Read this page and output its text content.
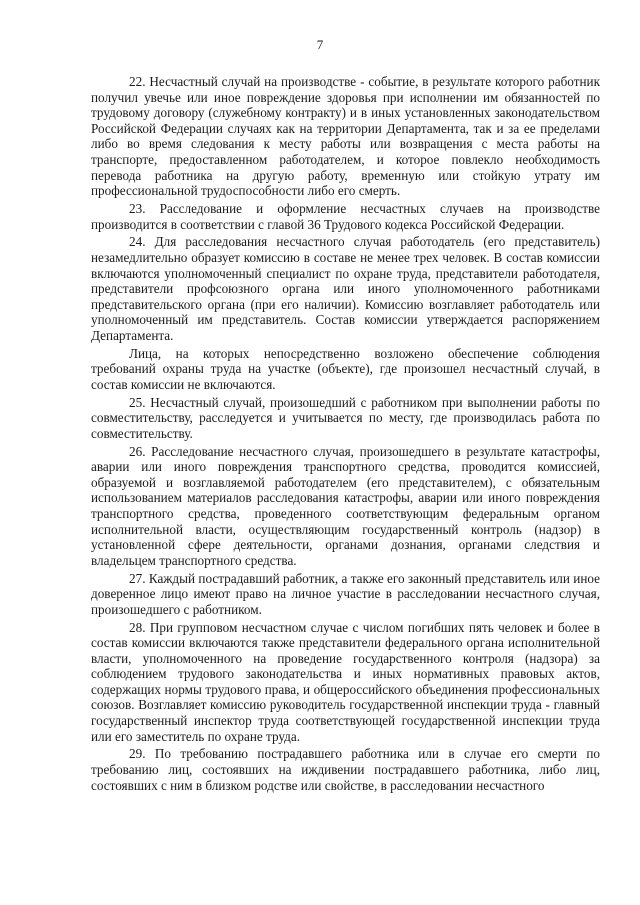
7

22. Несчастный случай на производстве - событие, в результате которого работник получил увечье или иное повреждение здоровья при исполнении им обязанностей по трудовому договору (служебному контракту) и в иных установленных законодательством Российской Федерации случаях как на территории Департамента, так и за ее пределами либо во время следования к месту работы или возвращения с места работы на транспорте, предоставленном работодателем, и которое повлекло необходимость перевода работника на другую работу, временную или стойкую утрату им профессиональной трудоспособности либо его смерть.

23. Расследование и оформление несчастных случаев на производстве производится в соответствии с главой 36 Трудового кодекса Российской Федерации.

24. Для расследования несчастного случая работодатель (его представитель) незамедлительно образует комиссию в составе не менее трех человек. В состав комиссии включаются уполномоченный специалист по охране труда, представители работодателя, представители профсоюзного органа или иного уполномоченного работниками представительского органа (при его наличии). Комиссию возглавляет работодатель или уполномоченный им представитель. Состав комиссии утверждается распоряжением Департамента.

Лица, на которых непосредственно возложено обеспечение соблюдения требований охраны труда на участке (объекте), где произошел несчастный случай, в состав комиссии не включаются.

25. Несчастный случай, произошедший с работником при выполнении работы по совместительству, расследуется и учитывается по месту, где производилась работа по совместительству.

26. Расследование несчастного случая, произошедшего в результате катастрофы, аварии или иного повреждения транспортного средства, проводится комиссией, образуемой и возглавляемой работодателем (его представителем), с обязательным использованием материалов расследования катастрофы, аварии или иного повреждения транспортного средства, проведенного соответствующим федеральным органом исполнительной власти, осуществляющим государственный контроль (надзор) в установленной сфере деятельности, органами дознания, органами следствия и владельцем транспортного средства.

27. Каждый пострадавший работник, а также его законный представитель или иное доверенное лицо имеют право на личное участие в расследовании несчастного случая, произошедшего с работником.

28. При групповом несчастном случае с числом погибших пять человек и более в состав комиссии включаются также представители федерального органа исполнительной власти, уполномоченного на проведение государственного контроля (надзора) за соблюдением трудового законодательства и иных нормативных правовых актов, содержащих нормы трудового права, и общероссийского объединения профессиональных союзов. Возглавляет комиссию руководитель государственной инспекции труда - главный государственный инспектор труда соответствующей государственной инспекции труда или его заместитель по охране труда.

29. По требованию пострадавшего работника или в случае его смерти по требованию лиц, состоявших на иждивении пострадавшего работника, либо лиц, состоявших с ним в близком родстве или свойстве, в расследовании несчастного
